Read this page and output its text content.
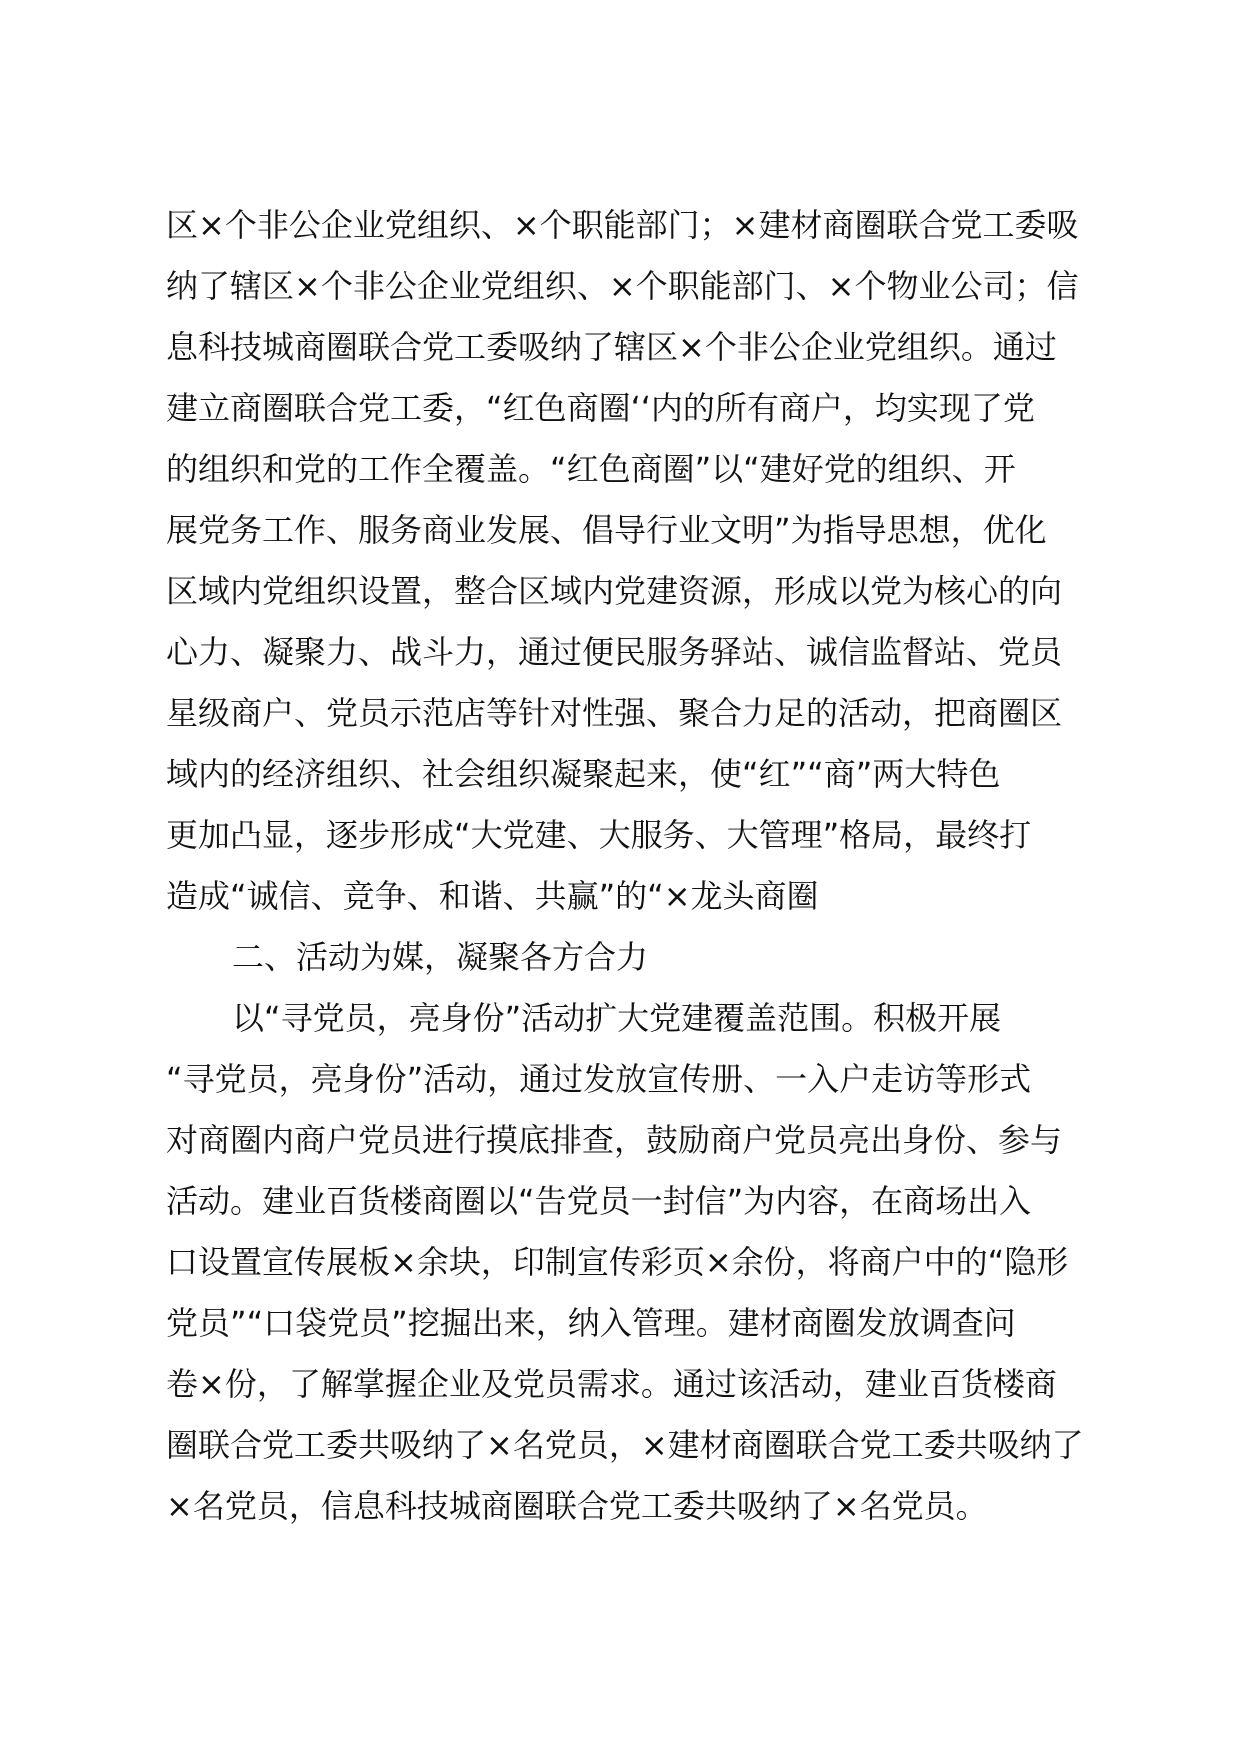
区×个非公企业党组织、×个职能部门；×建材商圈联合党工委吸
纳了辖区×个非公企业党组织、×个职能部门、×个物业公司；信
息科技城商圈联合党工委吸纳了辖区×个非公企业党组织。通过
建立商圈联合党工委，“红色商圈‘‘内的所有商户，均实现了党
的组织和党的工作全覆盖。“红色商圈”以“建好党的组织、开
展党务工作、服务商业发展、倡导行业文明”为指导思想，优化
区域内党组织设置，整合区域内党建资源，形成以党为核心的向
心力、凝聚力、战斗力，通过便民服务驿站、诚信监督站、党员
星级商户、党员示范店等针对性强、聚合力足的活动，把商圈区
域内的经济组织、社会组织凝聚起来，使“红”“商”两大特色
更加凸显，逐步形成“大党建、大服务、大管理”格局，最终打
造成“诚信、竞争、和谐、共赢”的“×龙头商圈
二、活动为媒，凝聚各方合力
以“寻党员，亮身份”活动扩大党建覆盖范围。积极开展
“寻党员，亮身份”活动，通过发放宣传册、一入户走访等形式
对商圈内商户党员进行摸底排查，鼓励商户党员亮出身份、参与
活动。建业百货楼商圈以“告党员一封信”为内容，在商场出入
口设置宣传展板×余块，印制宣传彩页×余份，将商户中的“隐形
党员”“口袋党员”挖掘出来，纳入管理。建材商圈发放调查问
卷×份，了解掌握企业及党员需求。通过该活动，建业百货楼商
圈联合党工委共吸纳了×名党员，×建材商圈联合党工委共吸纳了
×名党员，信息科技城商圈联合党工委共吸纳了×名党员。
